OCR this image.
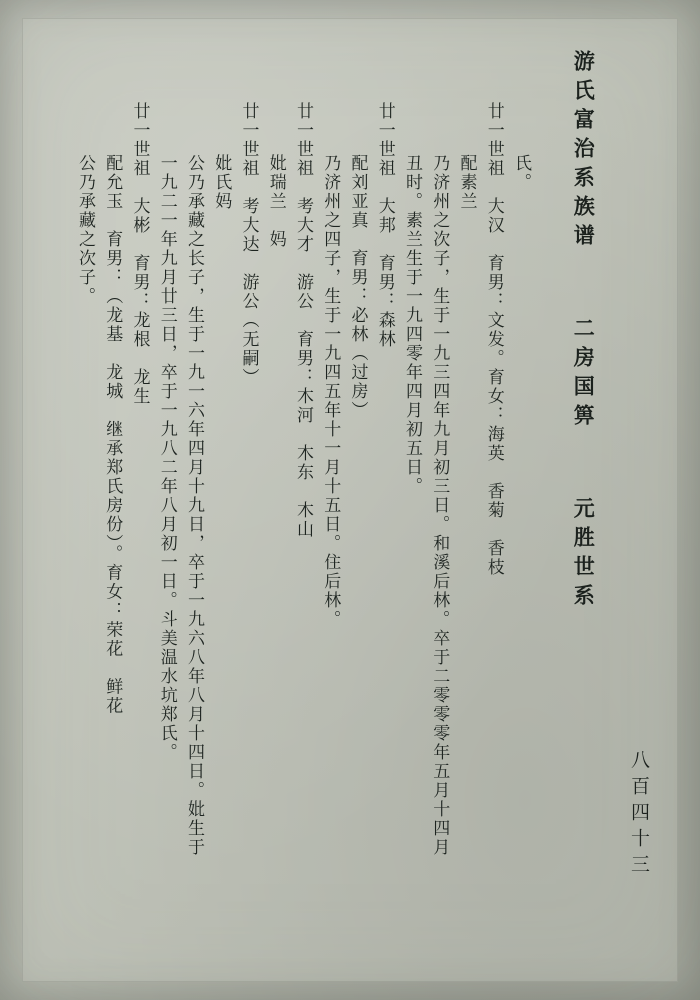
八百四十三
游氏富治系族谱  二房国箅  元胜世系
氏。
廿一世祖　大汉　育男：文发。育女：海英　香菊　香枝
配素兰
乃济州之次子，生于一九三四年九月初三日。和溪后林。卒于二零零零年五月十四月
丑时。素兰生于一九四零年四月初五日。
廿一世祖　大邦　育男：森林
配刘亚真　育男：必林（过房）
乃济州之四子，生于一九四五年十一月十五日。住后林。
廿一世祖　考大才　游公　育男：木河　木东　木山
妣瑞兰　妈
廿一世祖　考大达　游公（无嗣）
妣氏妈
公乃承藏之长子，生于一九一六年四月十九日，卒于一九六八年八月十四日。妣生于
一九二一年九月廿三日，卒于一九八二年八月初一日。斗美温水坑郑氏。
廿一世祖　大彬　育男：龙根　龙生
配允玉　育男：（龙基　龙城　继承郑氏房份）。育女：荣花　鲜花
公乃承藏之次子。
